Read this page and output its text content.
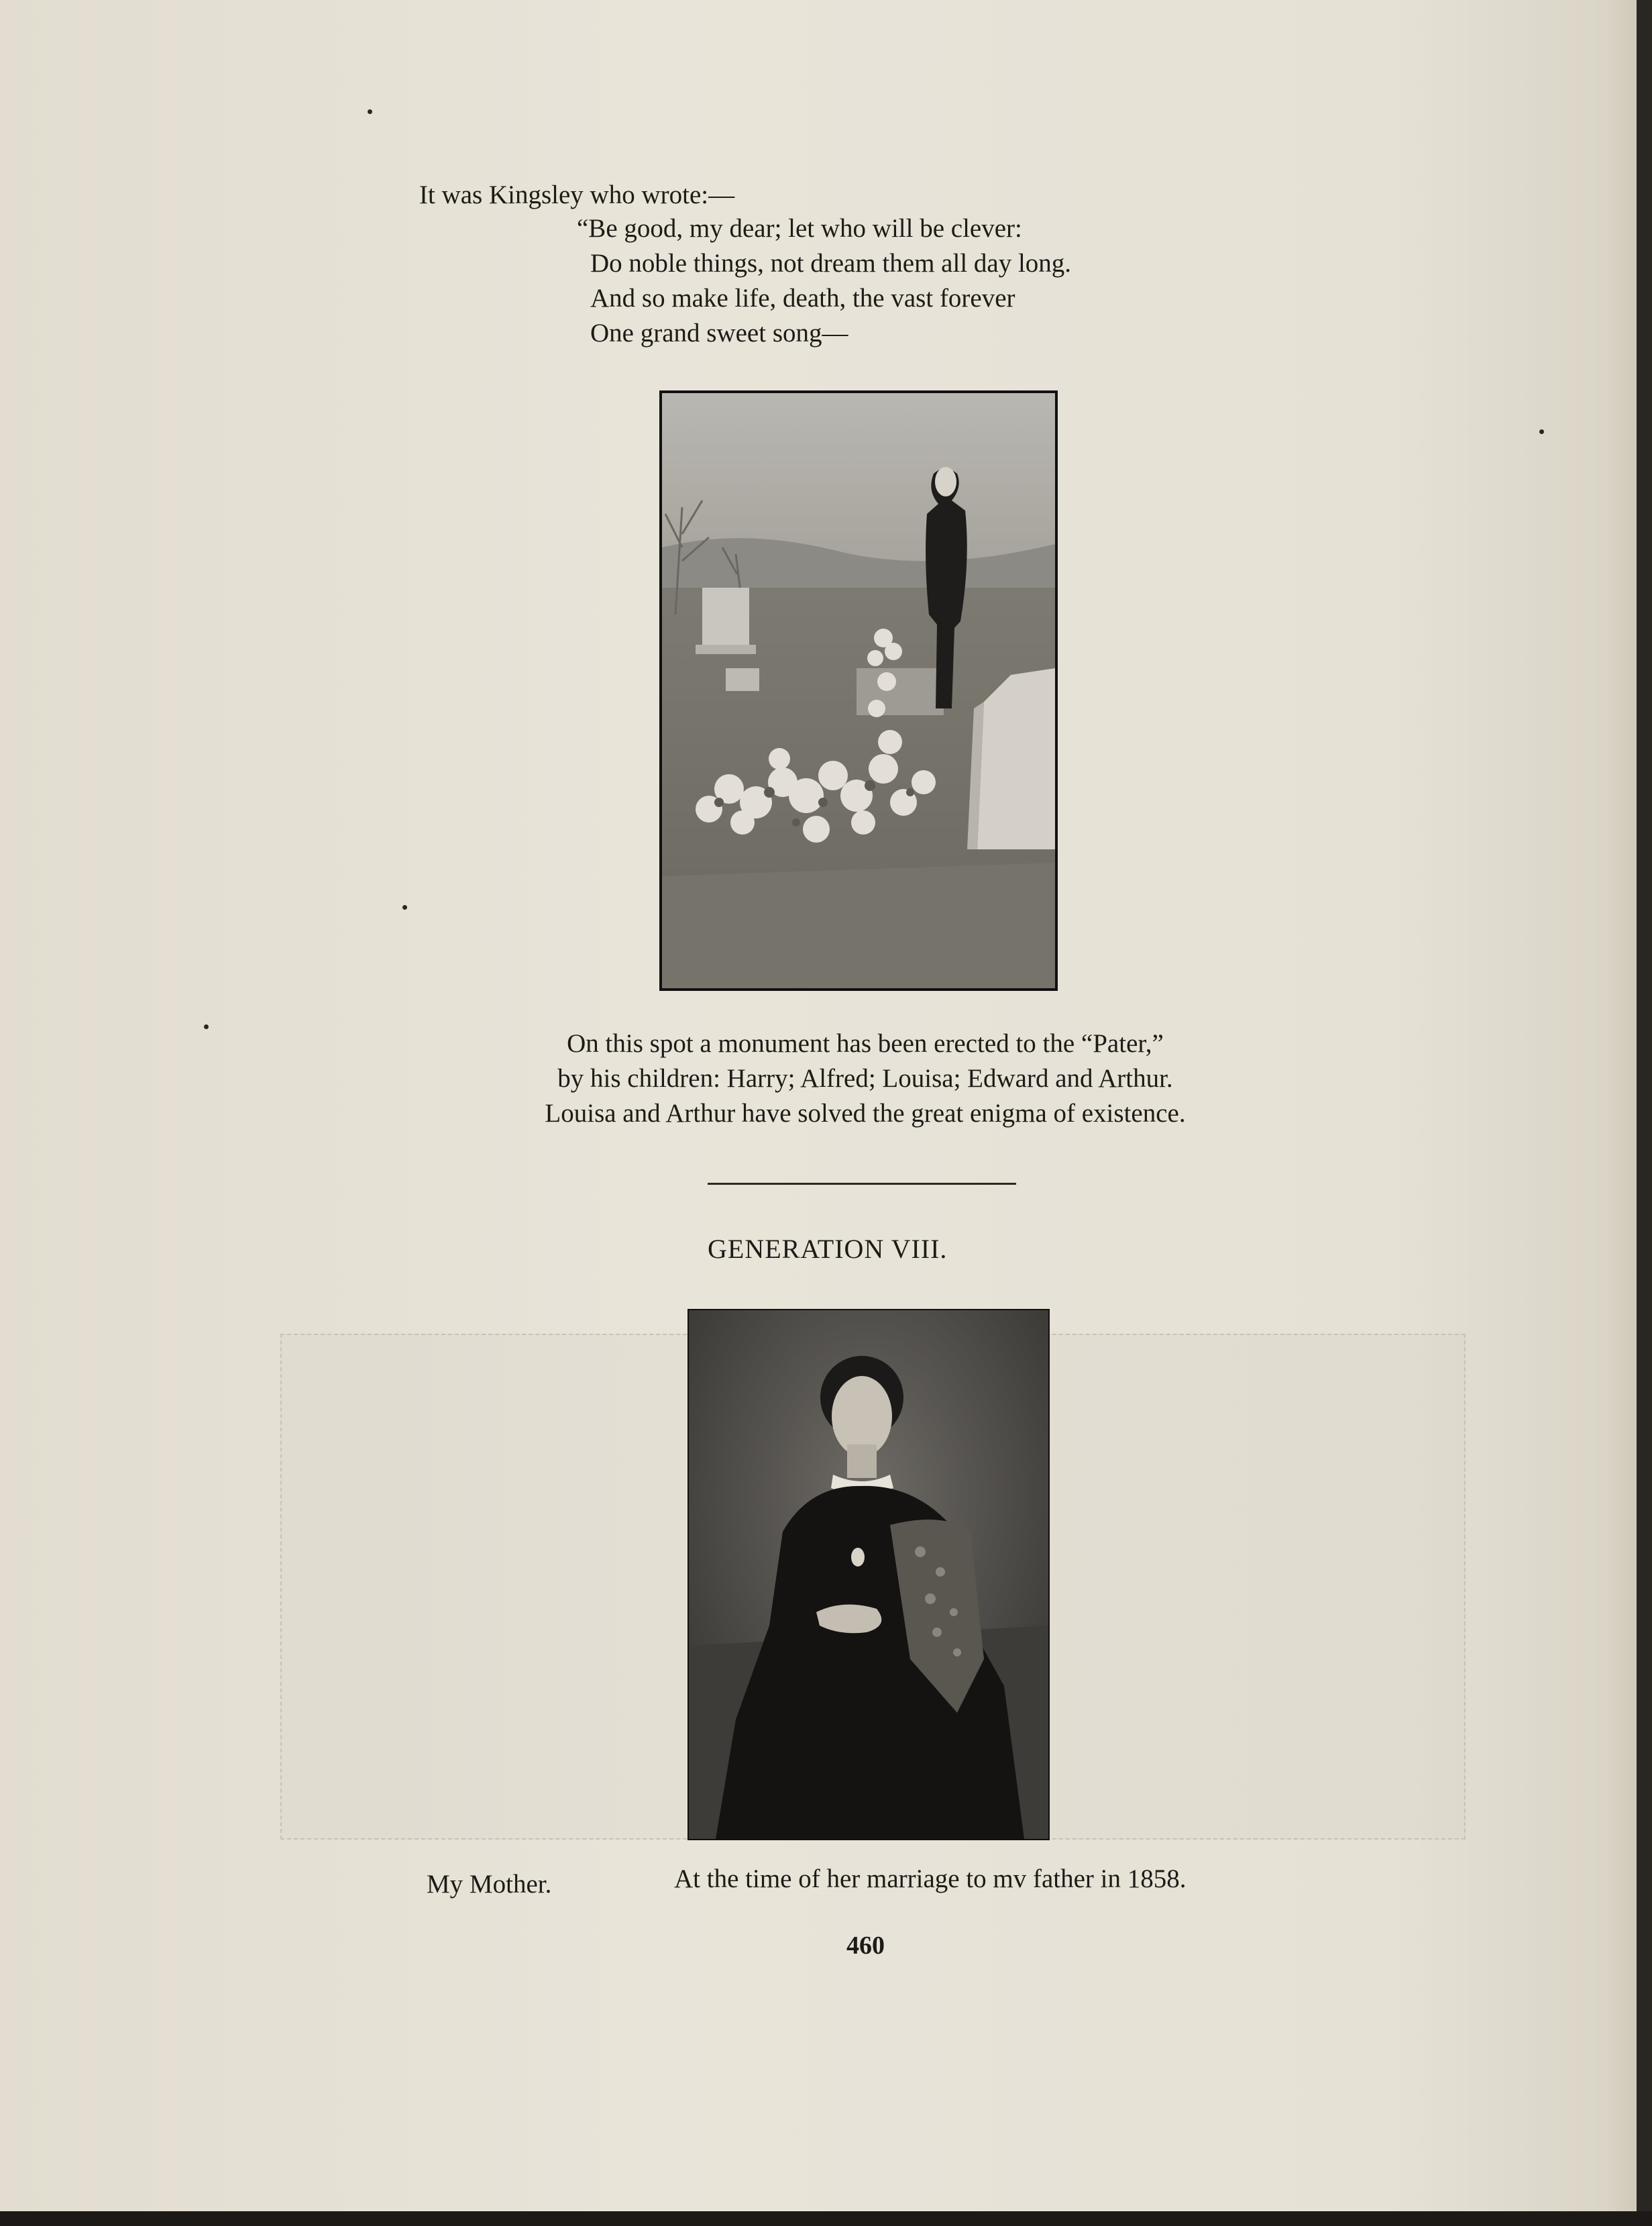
It was Kingsley who wrote:—
“Be good, my dear; let who will be clever:
Do noble things, not dream them all day long.
And so make life, death, the vast forever
One grand sweet song—
On this spot a monument has been erected to the “Pater,”
by his children: Harry; Alfred; Louisa; Edward and Arthur.
Louisa and Arthur have solved the great enigma of existence.
GENERATION VIII.
My Mother.	At the time of her marriage to mv father in 1858.
460
